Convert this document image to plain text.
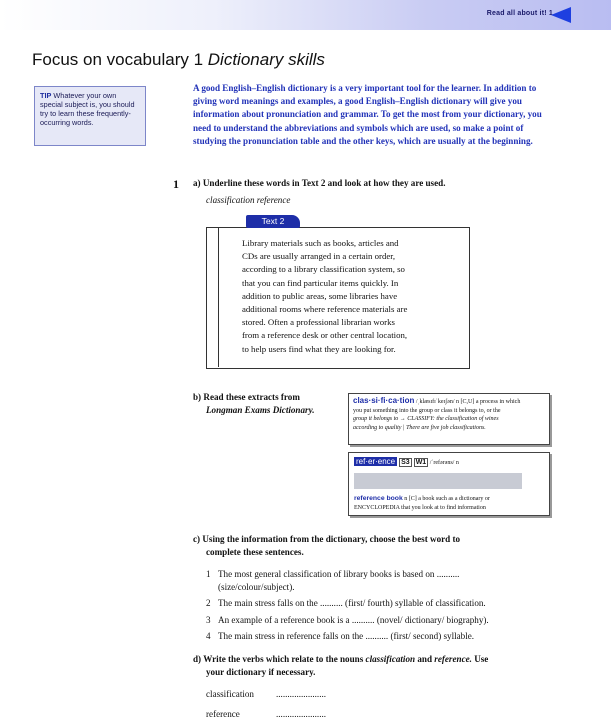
Read all about it! 1
Focus on vocabulary 1 Dictionary skills
TIP Whatever your own special subject is, you should try to learn these frequently-occurring words.
A good English–English dictionary is a very important tool for the learner. In addition to giving word meanings and examples, a good English–English dictionary will give you information about pronunciation and grammar. To get the most from your dictionary, you need to understand the abbreviations and symbols which are used, so make a point of studying the pronunciation table and the other keys, which are usually at the beginning.
1 a) Underline these words in Text 2 and look at how they are used.
classification reference
Text 2
Library materials such as books, articles and
CDs are usually arranged in a certain order,
according to a library classification system, so
that you can find particular items quickly. In
addition to public areas, some libraries have
additional rooms where reference materials are
stored. Often a professional librarian works
from a reference desk or other central location,
to help users find what they are looking for.
b) Read these extracts from
Longman Exams Dictionary.
clas·si·fi·ca·tion /ˌklæsɪfɪˈkeɪʃən/ n [C,U] a process in which
you put something into the group or class it belongs to, or the
group it belongs to → CLASSIFY: the classification of wines
according to quality | There are five job classifications.
ref·er·ence S3 W1 /ˈrefərəns/ n
reference book n [C] a book such as a dictionary or
ENCYCLOPEDIA that you look at to find information
c) Using the information from the dictionary, choose the best word to
complete these sentences.
1 The most general classification of library books is based on ..........
(size/colour/subject).
2 The main stress falls on the .......... (first/ fourth) syllable of classification.
3 An example of a reference book is a .......... (novel/ dictionary/ biography).
4 The main stress in reference falls on the .......... (first/ second) syllable.
d) Write the verbs which relate to the nouns classification and reference. Use
your dictionary if necessary.
classification ......................
reference	......................
